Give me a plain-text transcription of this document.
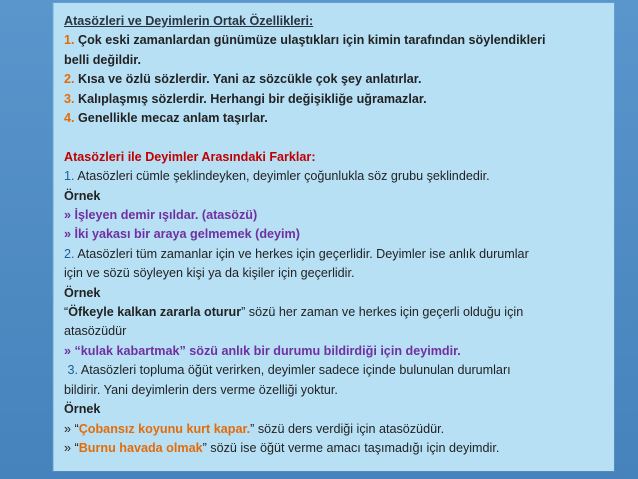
Atasözleri ve Deyimlerin Ortak Özellikleri:
1. Çok eski zamanlardan günümüze ulaştıkları için kimin tarafından söylendikleri
belli değildir.
2. Kısa ve özlü sözlerdir. Yani az sözcükle çok şey anlatırlar.
3. Kalıplaşmış sözlerdir. Herhangi bir değişikliğe uğramazlar.
4. Genellikle mecaz anlam taşırlar.
Atasözleri ile Deyimler Arasındaki Farklar:
1. Atasözleri cümle şeklindeyken, deyimler çoğunlukla söz grubu şeklindedir.
Örnek
» İşleyen demir ışıldar. (atasözü)
» İki yakası bir araya gelmemek (deyim)
2. Atasözleri tüm zamanlar için ve herkes için geçerlidir. Deyimler ise anlık durumlar
için ve sözü söyleyen kişi ya da kişiler için geçerlidir.
Örnek
“Öfkeyle kalkan zararla oturur” sözü her zaman ve herkes için geçerli olduğu için
atasözüdür
» “kulak kabartmak” sözü anlık bir durumu bildirdiği için deyimdir.
3. Atasözleri topluma öğüt verirken, deyimler sadece içinde bulunulan durumları
bildirir. Yani deyimlerin ders verme özelliği yoktur.
Örnek
» “Çobansız koyunu kurt kapar.” sözü ders verdiği için atasözüdür.
» “Burnu havada olmak” sözü ise öğüt verme amacı taşımadığı için deyimdir.
